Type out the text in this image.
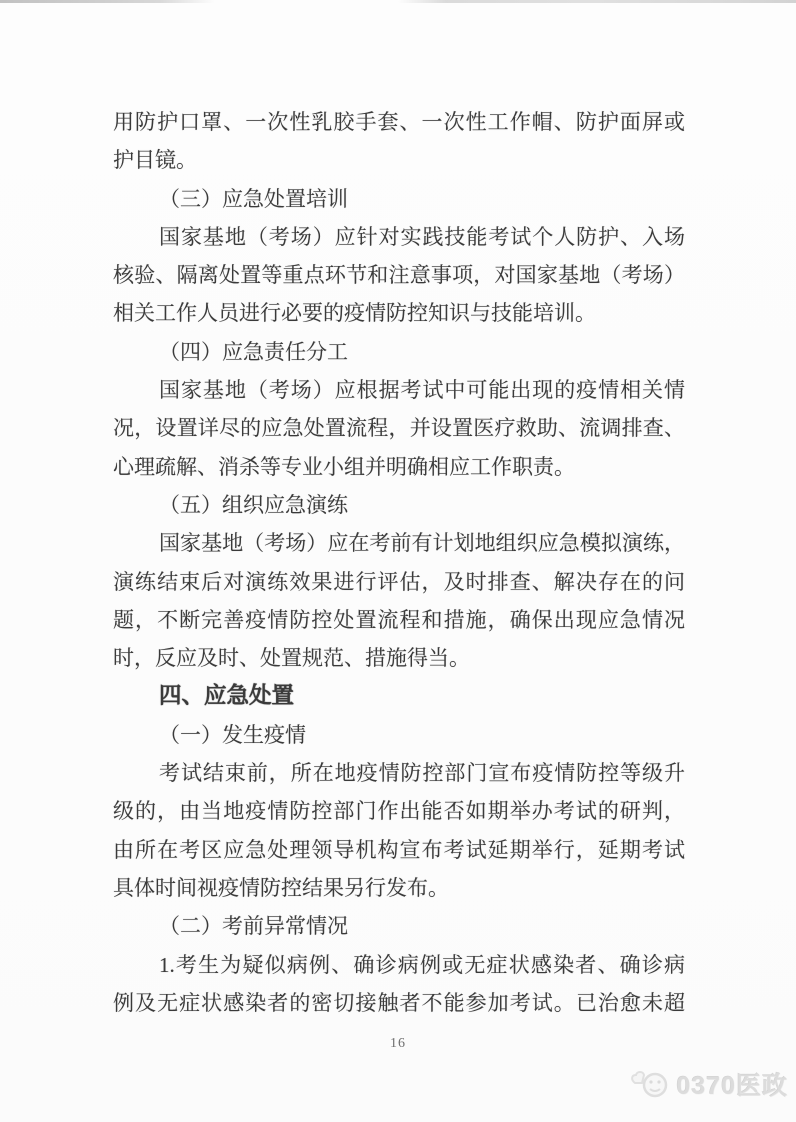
用防护口罩、一次性乳胶手套、一次性工作帽、防护面屏或
护目镜。
（三）应急处置培训
国家基地（考场）应针对实践技能考试个人防护、入场
核验、隔离处置等重点环节和注意事项，对国家基地（考场）
相关工作人员进行必要的疫情防控知识与技能培训。
（四）应急责任分工
国家基地（考场）应根据考试中可能出现的疫情相关情
况，设置详尽的应急处置流程，并设置医疗救助、流调排查、
心理疏解、消杀等专业小组并明确相应工作职责。
（五）组织应急演练
国家基地（考场）应在考前有计划地组织应急模拟演练，
演练结束后对演练效果进行评估，及时排查、解决存在的问
题，不断完善疫情防控处置流程和措施，确保出现应急情况
时，反应及时、处置规范、措施得当。
四、应急处置
（一）发生疫情
考试结束前，所在地疫情防控部门宣布疫情防控等级升
级的，由当地疫情防控部门作出能否如期举办考试的研判，
由所在考区应急处理领导机构宣布考试延期举行，延期考试
具体时间视疫情防控结果另行发布。
（二）考前异常情况
1.考生为疑似病例、确诊病例或无症状感染者、确诊病
例及无症状感染者的密切接触者不能参加考试。已治愈未超
16
0370医政
